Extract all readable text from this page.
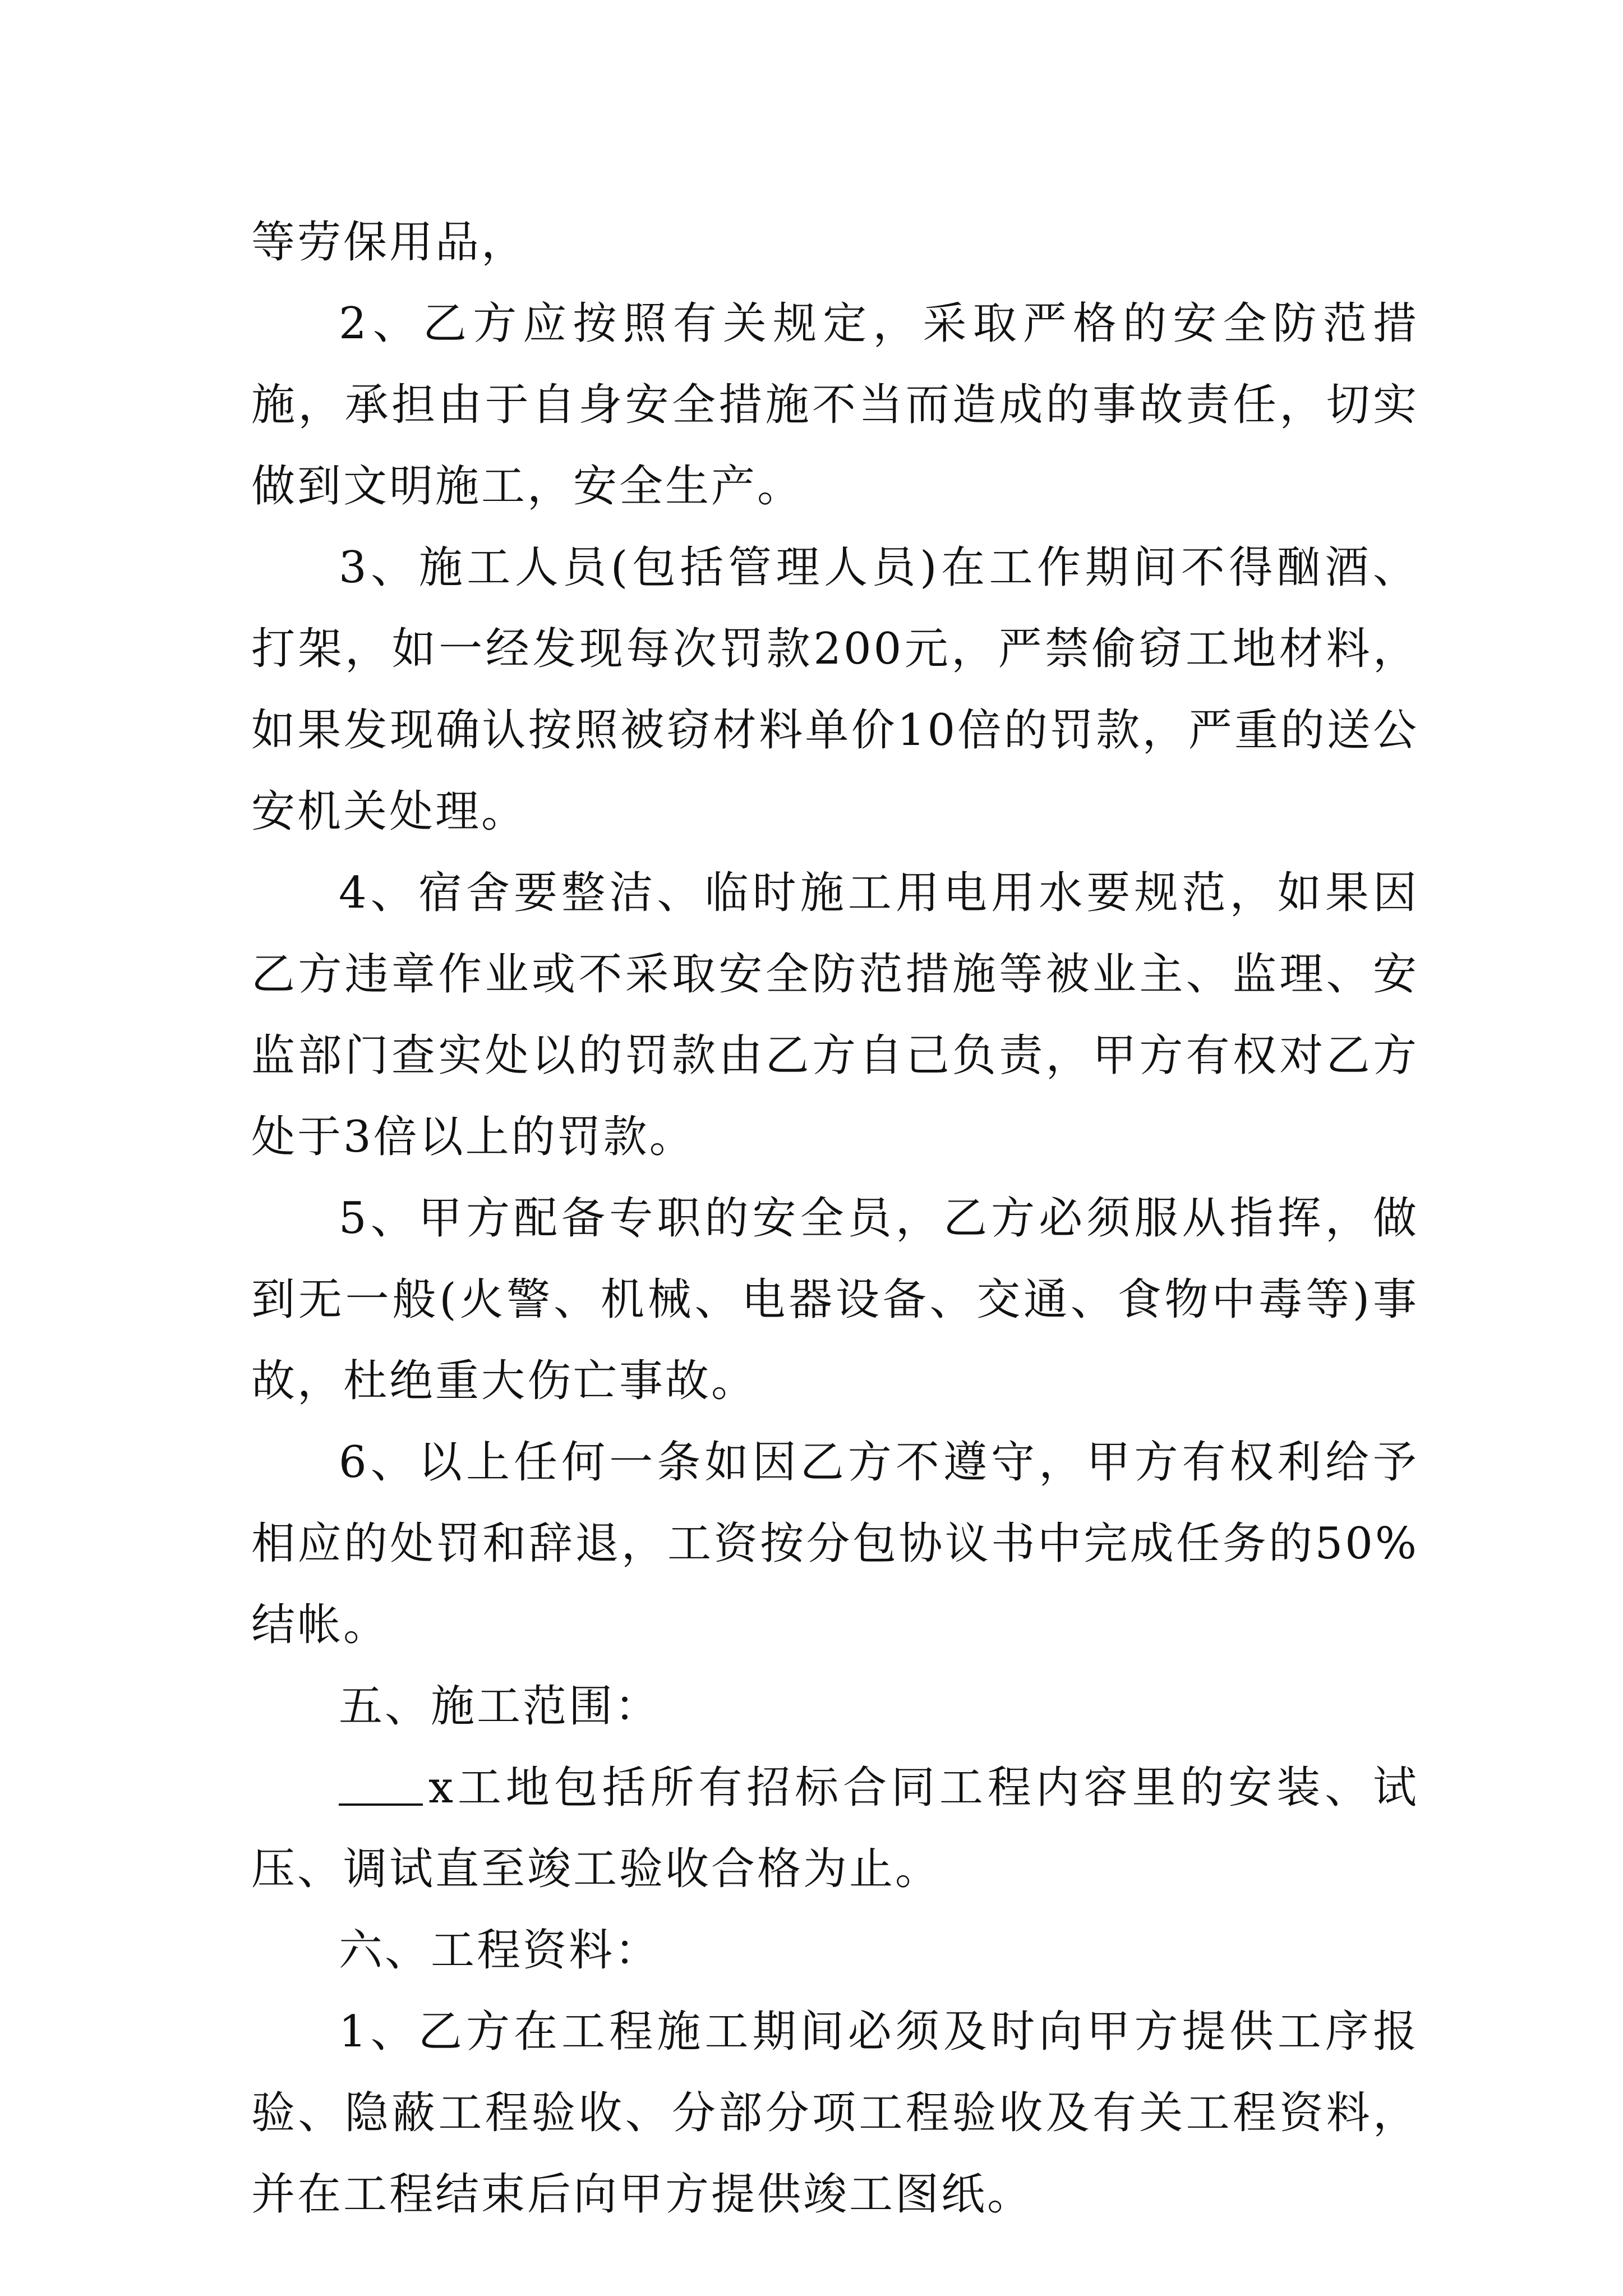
等劳保用品，

2、乙方应按照有关规定，采取严格的安全防范措施，承担由于自身安全措施不当而造成的事故责任，切实做到文明施工，安全生产。

3、施工人员(包括管理人员)在工作期间不得酗酒、打架，如一经发现每次罚款200元，严禁偷窃工地材料，如果发现确认按照被窃材料单价10倍的罚款，严重的送公安机关处理。

4、宿舍要整洁、临时施工用电用水要规范，如果因乙方违章作业或不采取安全防范措施等被业主、监理、安监部门查实处以的罚款由乙方自己负责，甲方有权对乙方处于3倍以上的罚款。

5、甲方配备专职的安全员，乙方必须服从指挥，做到无一般(火警、机械、电器设备、交通、食物中毒等)事故，杜绝重大伤亡事故。

6、以上任何一条如因乙方不遵守，甲方有权利给予相应的处罚和辞退，工资按分包协议书中完成任务的50%结帐。

五、施工范围：

x工地包括所有招标合同工程内容里的安装、试压、调试直至竣工验收合格为止。

六、工程资料：

1、乙方在工程施工期间必须及时向甲方提供工序报验、隐蔽工程验收、分部分项工程验收及有关工程资料，并在工程结束后向甲方提供竣工图纸。
